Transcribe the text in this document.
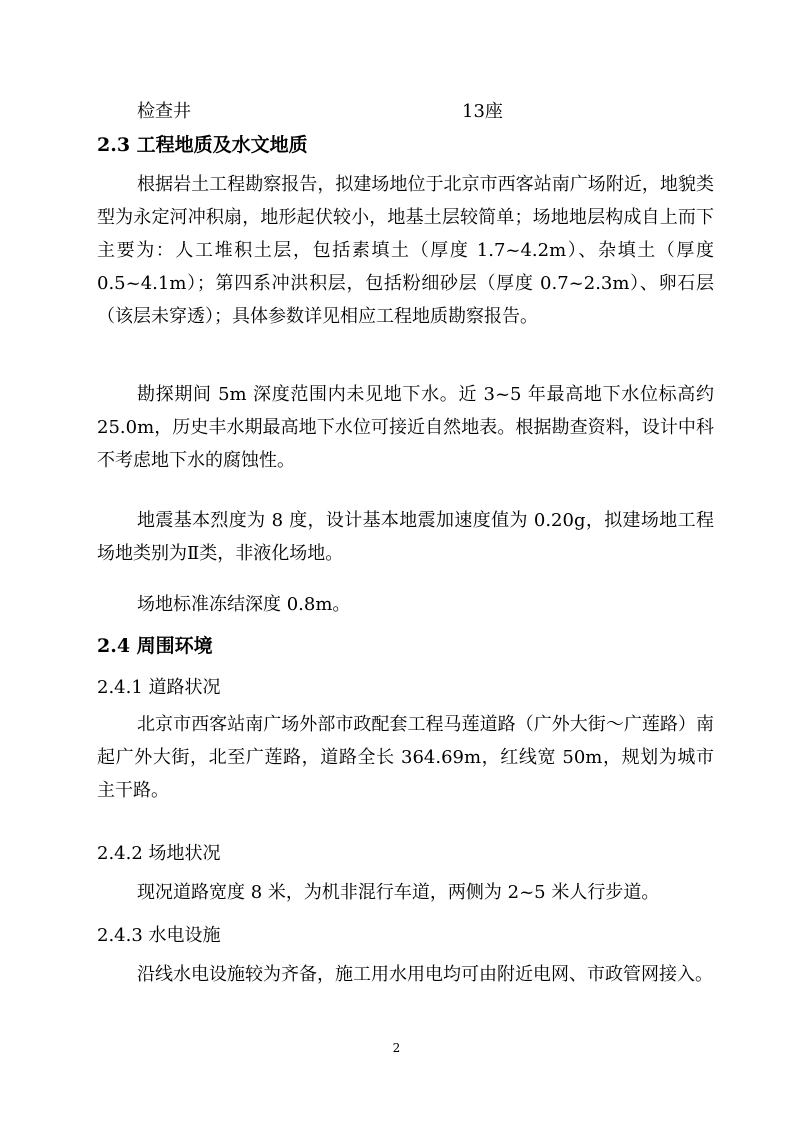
检查井	13座
2.3 工程地质及水文地质

根据岩土工程勘察报告，拟建场地位于北京市西客站南广场附近，地貌类型为永定河冲积扇，地形起伏较小，地基土层较简单；场地地层构成自上而下主要为：人工堆积土层，包括素填土（厚度 1.7~4.2m）、杂填土（厚度 0.5~4.1m）；第四系冲洪积层，包括粉细砂层（厚度 0.7~2.3m）、卵石层（该层未穿透）；具体参数详见相应工程地质勘察报告。

勘探期间 5m 深度范围内未见地下水。近 3~5 年最高地下水位标高约 25.0m，历史丰水期最高地下水位可接近自然地表。根据勘查资料，设计中科不考虑地下水的腐蚀性。

地震基本烈度为 8 度，设计基本地震加速度值为 0.20g，拟建场地工程场地类别为Ⅱ类，非液化场地。

场地标准冻结深度 0.8m。

2.4 周围环境
2.4.1 道路状况

北京市西客站南广场外部市政配套工程马莲道路（广外大街～广莲路）南起广外大街，北至广莲路，道路全长 364.69m，红线宽 50m，规划为城市主干路。

2.4.2 场地状况

现况道路宽度 8 米，为机非混行车道，两侧为 2~5 米人行步道。

2.4.3 水电设施

沿线水电设施较为齐备，施工用水用电均可由附近电网、市政管网接入。

2
